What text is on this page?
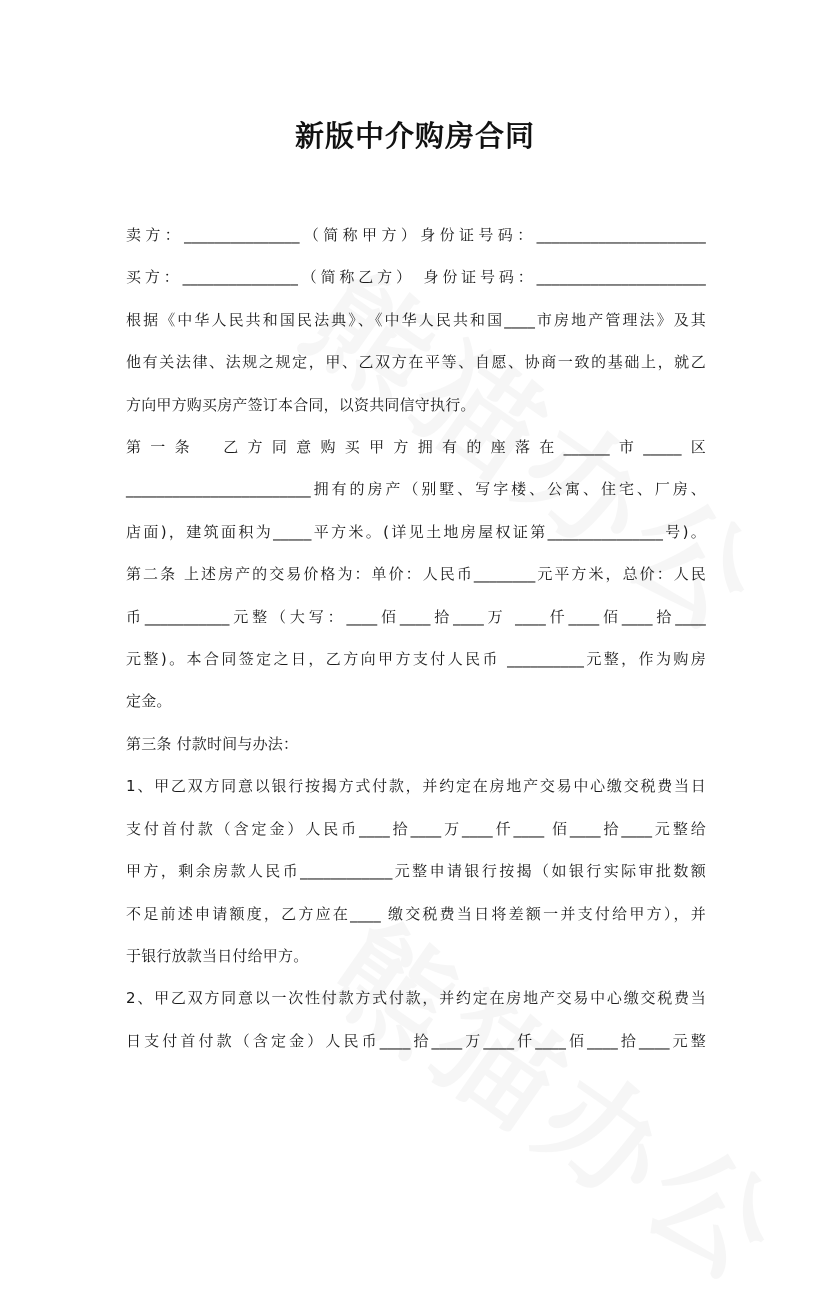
新版中介购房合同

卖方：_______________（简称甲方）身份证号码：______________________

买方：_______________（简称乙方） 身份证号码：______________________

根据《中华人民共和国民法典》、《中华人民共和国____市房地产管理法》及其

他有关法律、法规之规定，甲、乙双方在平等、自愿、协商一致的基础上，就乙

方向甲方购买房产签订本合同，以资共同信守执行。

第一条　乙方同意购买甲方拥有的座落在______市_____区

________________________拥有的房产（别墅、写字楼、公寓、住宅、厂房、

店面)，建筑面积为_____平方米。(详见土地房屋权证第_______________号)。

第二条 上述房产的交易价格为：单价：人民币________元平方米，总价：人民

币___________元整（大写：____佰____拾____万 ____仟____佰____拾____

元整)。本合同签定之日，乙方向甲方支付人民币 __________元整，作为购房

定金。

第三条 付款时间与办法：

1、甲乙双方同意以银行按揭方式付款，并约定在房地产交易中心缴交税费当日

支付首付款（含定金）人民币____拾____万____仟____ 佰____拾____元整给

甲方，剩余房款人民币____________元整申请银行按揭（如银行实际审批数额

不足前述申请额度，乙方应在____ 缴交税费当日将差额一并支付给甲方），并

于银行放款当日付给甲方。

2、甲乙双方同意以一次性付款方式付款，并约定在房地产交易中心缴交税费当

日支付首付款（含定金）人民币____拾____万____仟____佰____拾____元整
